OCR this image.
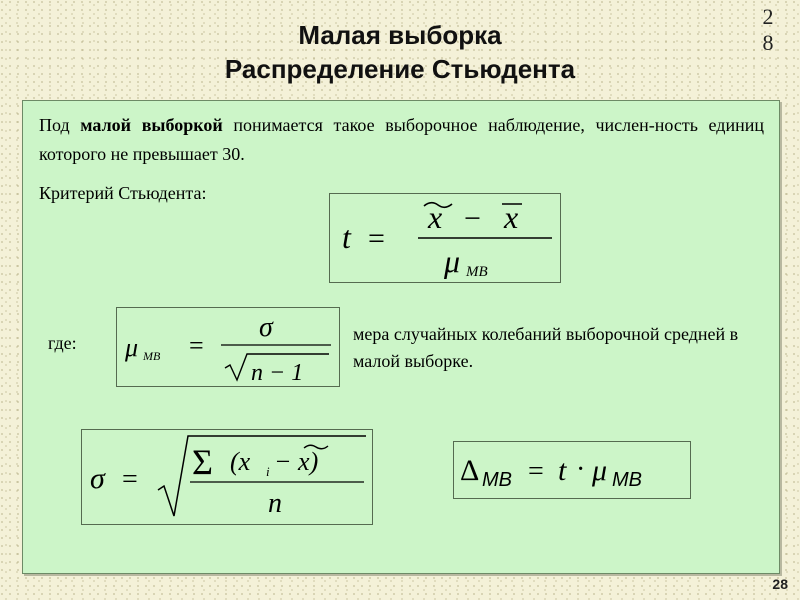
2
8
Малая выборка
Распределение Стьюдента
Под малой выборкой понимается такое выборочное наблюдение, числен-ность единиц которого не превышает 30.
Критерий Стьюдента:
t =
x − x
μ МВ
где: μ МВ =
σ
n − 1
мера случайных колебаний выборочной средней в малой выборке.
σ = Σ (x i − x)
n
Δ MB = t · μ MB
28
